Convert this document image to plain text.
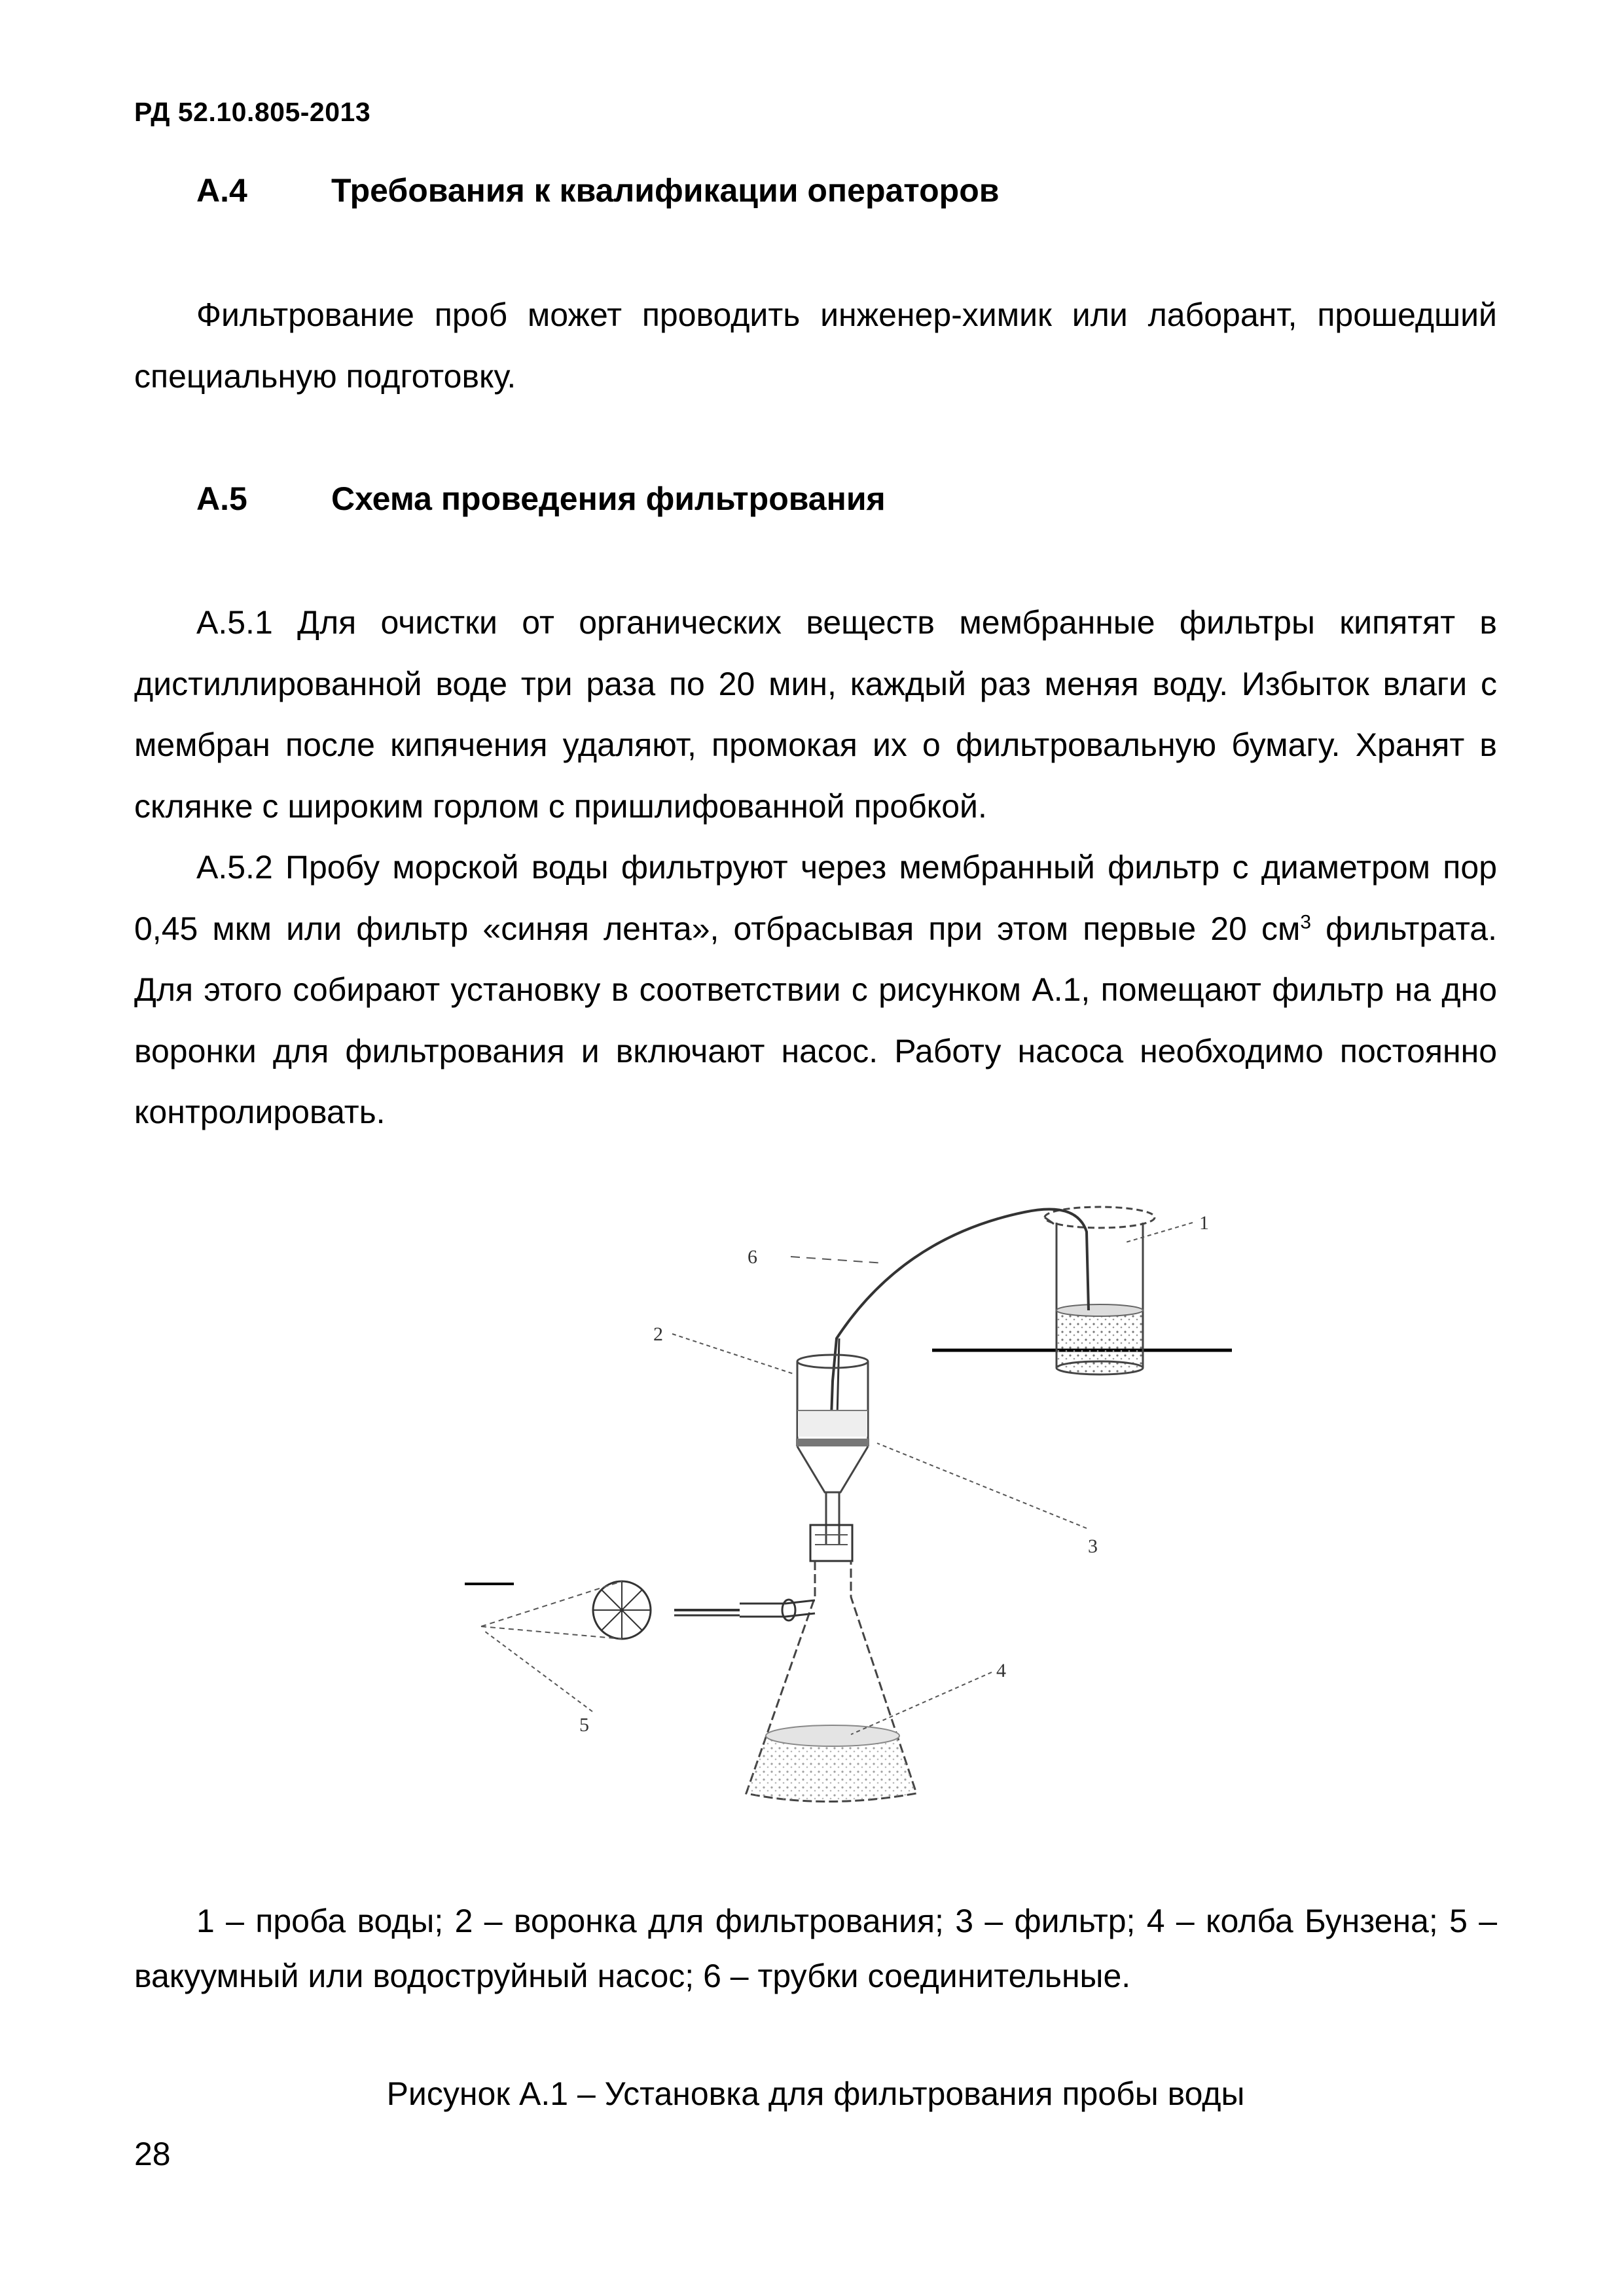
РД 52.10.805-2013
А.4	Требования к квалификации операторов
Фильтрование проб может проводить инженер-химик или лаборант, прошедший специальную подготовку.
А.5	Схема проведения фильтрования
А.5.1 Для очистки от органических веществ мембранные фильтры кипятят в дистиллированной воде три раза по 20 мин, каждый раз меняя воду. Избыток влаги с мембран после кипячения удаляют, промокая их о фильтровальную бумагу. Хранят в склянке с широким горлом с пришлифованной пробкой.
А.5.2 Пробу морской воды фильтруют через мембранный фильтр с диаметром пор 0,45 мкм или фильтр «синяя лента», отбрасывая при этом первые 20 $см^3$ фильтрата. Для этого собирают установку в соответствии с рисунком А.1, помещают фильтр на дно воронки для фильтрования и включают насос. Работу насоса необходимо постоянно контролировать.
1
2
3
4
5
6
1 – проба воды; 2 – воронка для фильтрования; 3 – фильтр; 4 – колба Бунзена; 5 – вакуумный или водоструйный насос; 6 – трубки соединительные.
Рисунок А.1 – Установка для фильтрования пробы воды
28
